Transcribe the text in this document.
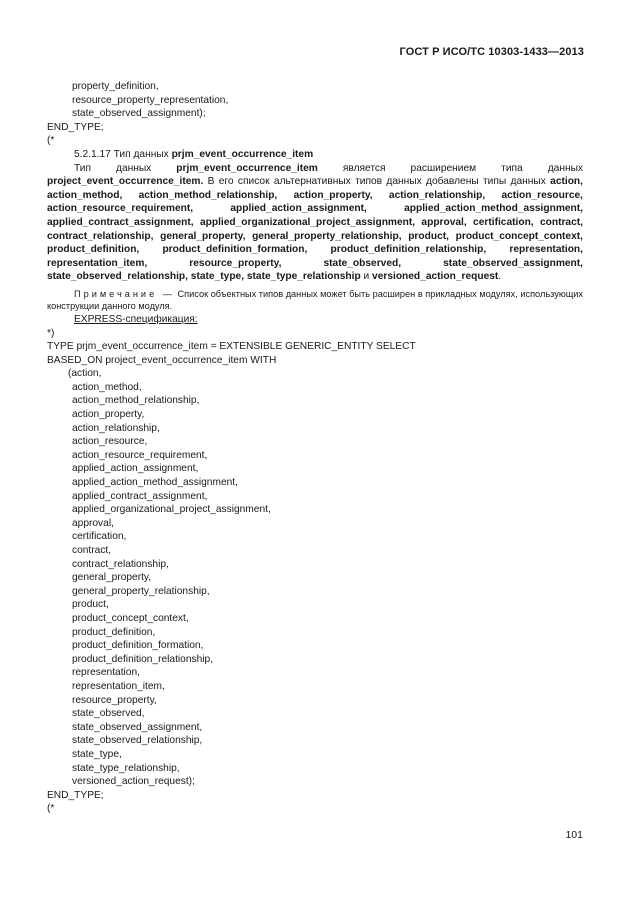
ГОСТ Р ИСО/ТС 10303-1433—2013
property_definition,
resource_property_representation,
state_observed_assignment);
END_TYPE;
(*
5.2.1.17 Тип данных prjm_event_occurrence_item
Тип данных prjm_event_occurrence_item является расширением типа данных project_event_occurrence_item. В его список альтернативных типов данных добавлены типы данных action, action_method, action_method_relationship, action_property, action_relationship, action_resource, action_resource_requirement, applied_action_assignment, applied_action_method_assignment, applied_contract_assignment, applied_organizational_project_assignment, approval, certification, contract, contract_relationship, general_property, general_property_relationship, product, product_concept_context, product_definition, product_definition_formation, product_definition_relationship, representation, representation_item, resource_property, state_observed, state_observed_assignment, state_observed_relationship, state_type, state_type_relationship и versioned_action_request.
Примечание — Список объектных типов данных может быть расширен в прикладных модулях, использующих конструкции данного модуля.
EXPRESS-спецификация:
*)
TYPE prjm_event_occurrence_item = EXTENSIBLE GENERIC_ENTITY SELECT
BASED_ON project_event_occurrence_item WITH
(action,
action_method,
action_method_relationship,
action_property,
action_relationship,
action_resource,
action_resource_requirement,
applied_action_assignment,
applied_action_method_assignment,
applied_contract_assignment,
applied_organizational_project_assignment,
approval,
certification,
contract,
contract_relationship,
general_property,
general_property_relationship,
product,
product_concept_context,
product_definition,
product_definition_formation,
product_definition_relationship,
representation,
representation_item,
resource_property,
state_observed,
state_observed_assignment,
state_observed_relationship,
state_type,
state_type_relationship,
versioned_action_request);
END_TYPE;
(*
101
